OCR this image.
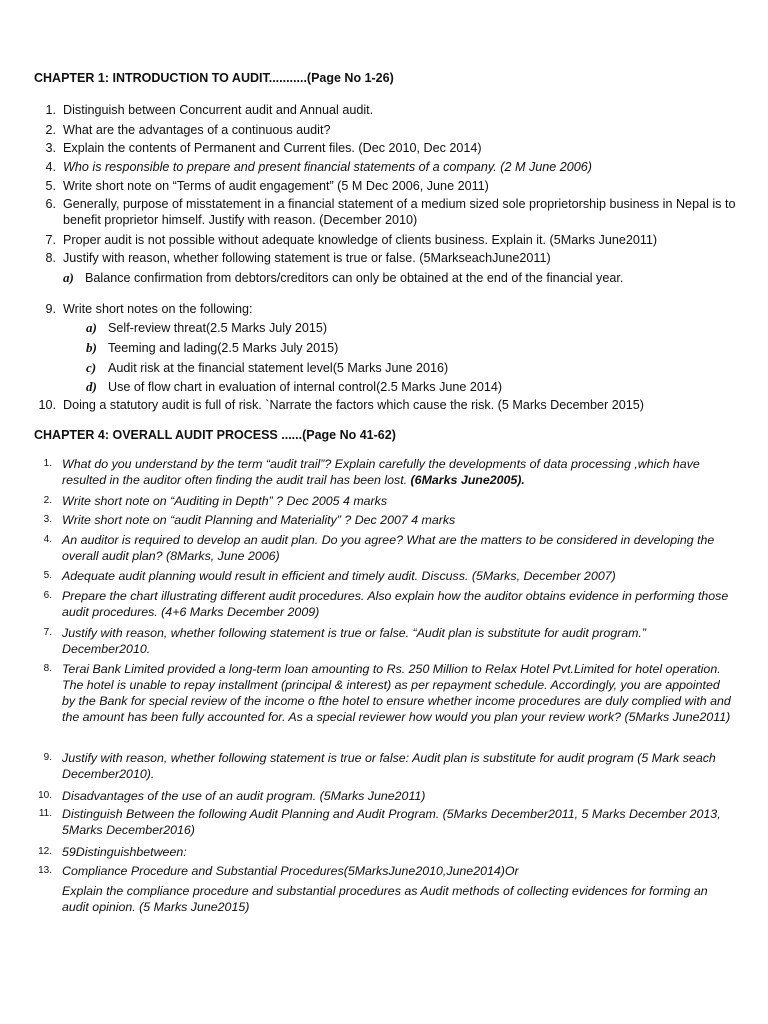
CHAPTER 1: INTRODUCTION TO AUDIT...........(Page No 1-26)
1. Distinguish between Concurrent audit and Annual audit.
2. What are the advantages of a continuous audit?
3. Explain the contents of Permanent and Current files. (Dec 2010, Dec 2014)
4. Who is responsible to prepare and present financial statements of a company. (2 M June 2006)
5. Write short note on “Terms of audit engagement” (5 M Dec 2006, June 2011)
6. Generally, purpose of misstatement in a financial statement of a medium sized sole proprietorship business in Nepal is to benefit proprietor himself. Justify with reason. (December 2010)
7. Proper audit is not possible without adequate knowledge of clients business. Explain it. (5Marks June2011)
8. Justify with reason, whether following statement is true or false. (5MarkseachJune2011)
a) Balance confirmation from debtors/creditors can only be obtained at the end of the financial year.
9. Write short notes on the following:
a) Self-review threat(2.5 Marks July 2015)
b) Teeming and lading(2.5 Marks July 2015)
c) Audit risk at the financial statement level(5 Marks June 2016)
d) Use of flow chart in evaluation of internal control(2.5 Marks June 2014)
10. Doing a statutory audit is full of risk. `Narrate the factors which cause the risk. (5 Marks December 2015)
CHAPTER 4: OVERALL AUDIT PROCESS ......(Page No 41-62)
1. What do you understand by the term “audit trail”? Explain carefully the developments of data processing ,which have resulted in the auditor often finding the audit trail has been lost. (6Marks June2005).
2. Write short note on “Auditing in Depth” ? Dec 2005 4 marks
3. Write short note on “audit Planning and Materiality” ? Dec 2007 4 marks
4. An auditor is required to develop an audit plan. Do you agree? What are the matters to be considered in developing the overall audit plan? (8Marks, June 2006)
5. Adequate audit planning would result in efficient and timely audit. Discuss. (5Marks, December 2007)
6. Prepare the chart illustrating different audit procedures. Also explain how the auditor obtains evidence in performing those audit procedures. (4+6 Marks December 2009)
7. Justify with reason, whether following statement is true or false. “Audit plan is substitute for audit program.” December2010.
8. Terai Bank Limited provided a long-term loan amounting to Rs. 250 Million to Relax Hotel Pvt.Limited for hotel operation. The hotel is unable to repay installment (principal & interest) as per repayment schedule. Accordingly, you are appointed by the Bank for special review of the income o fthe hotel to ensure whether income procedures are duly complied with and the amount has been fully accounted for. As a special reviewer how would you plan your review work? (5Marks June2011)
9. Justify with reason, whether following statement is true or false: Audit plan is substitute for audit program (5 Mark seach December2010).
10. Disadvantages of the use of an audit program. (5Marks June2011)
11. Distinguish Between the following Audit Planning and Audit Program. (5Marks December2011, 5 Marks December 2013, 5Marks December2016)
12. 59Distinguishbetween:
13. Compliance Procedure and Substantial Procedures(5MarksJune2010,June2014)Or
Explain the compliance procedure and substantial procedures as Audit methods of collecting evidences for forming an audit opinion. (5 Marks June2015)
